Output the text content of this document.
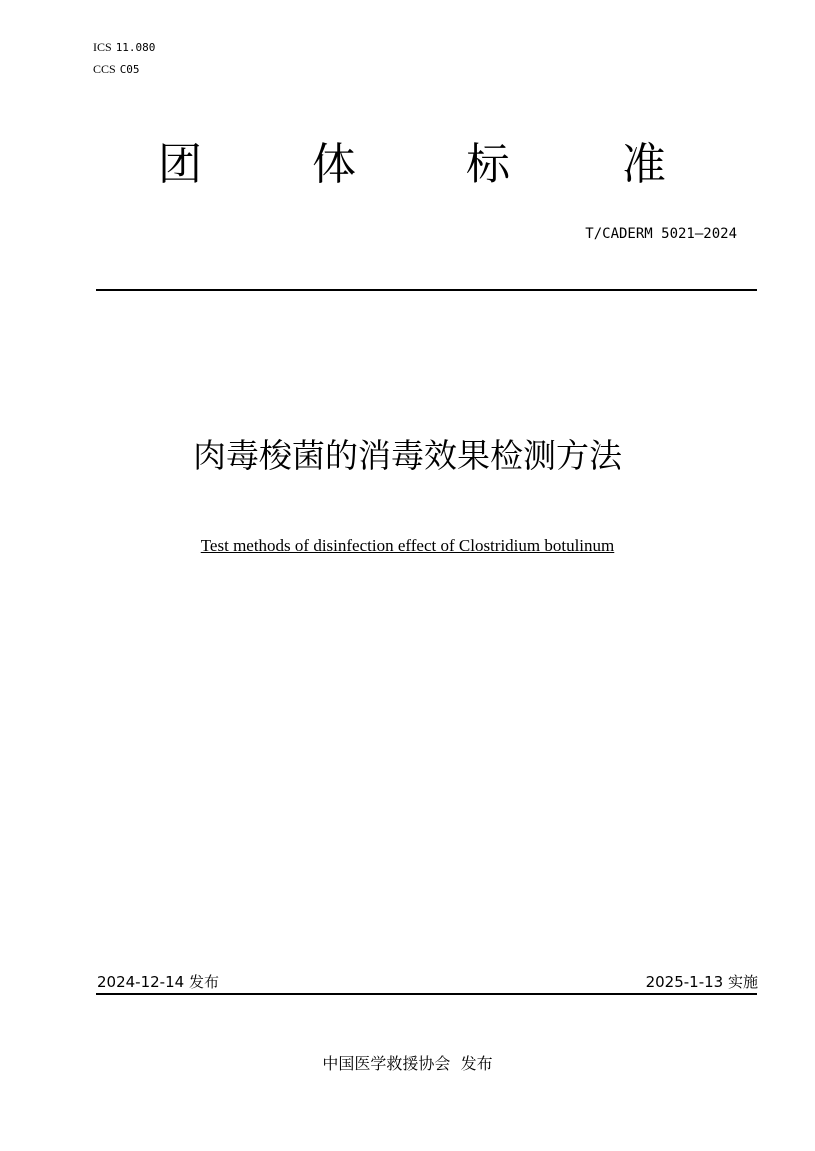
ICS 11.080
CCS C05
团	体	标	准
T/CADERM 5021—2024
肉毒梭菌的消毒效果检测方法
Test methods of disinfection effect of Clostridium botulinum
2024-12-14 发布	2025-1-13 实施
中国医学救援协会  发布
